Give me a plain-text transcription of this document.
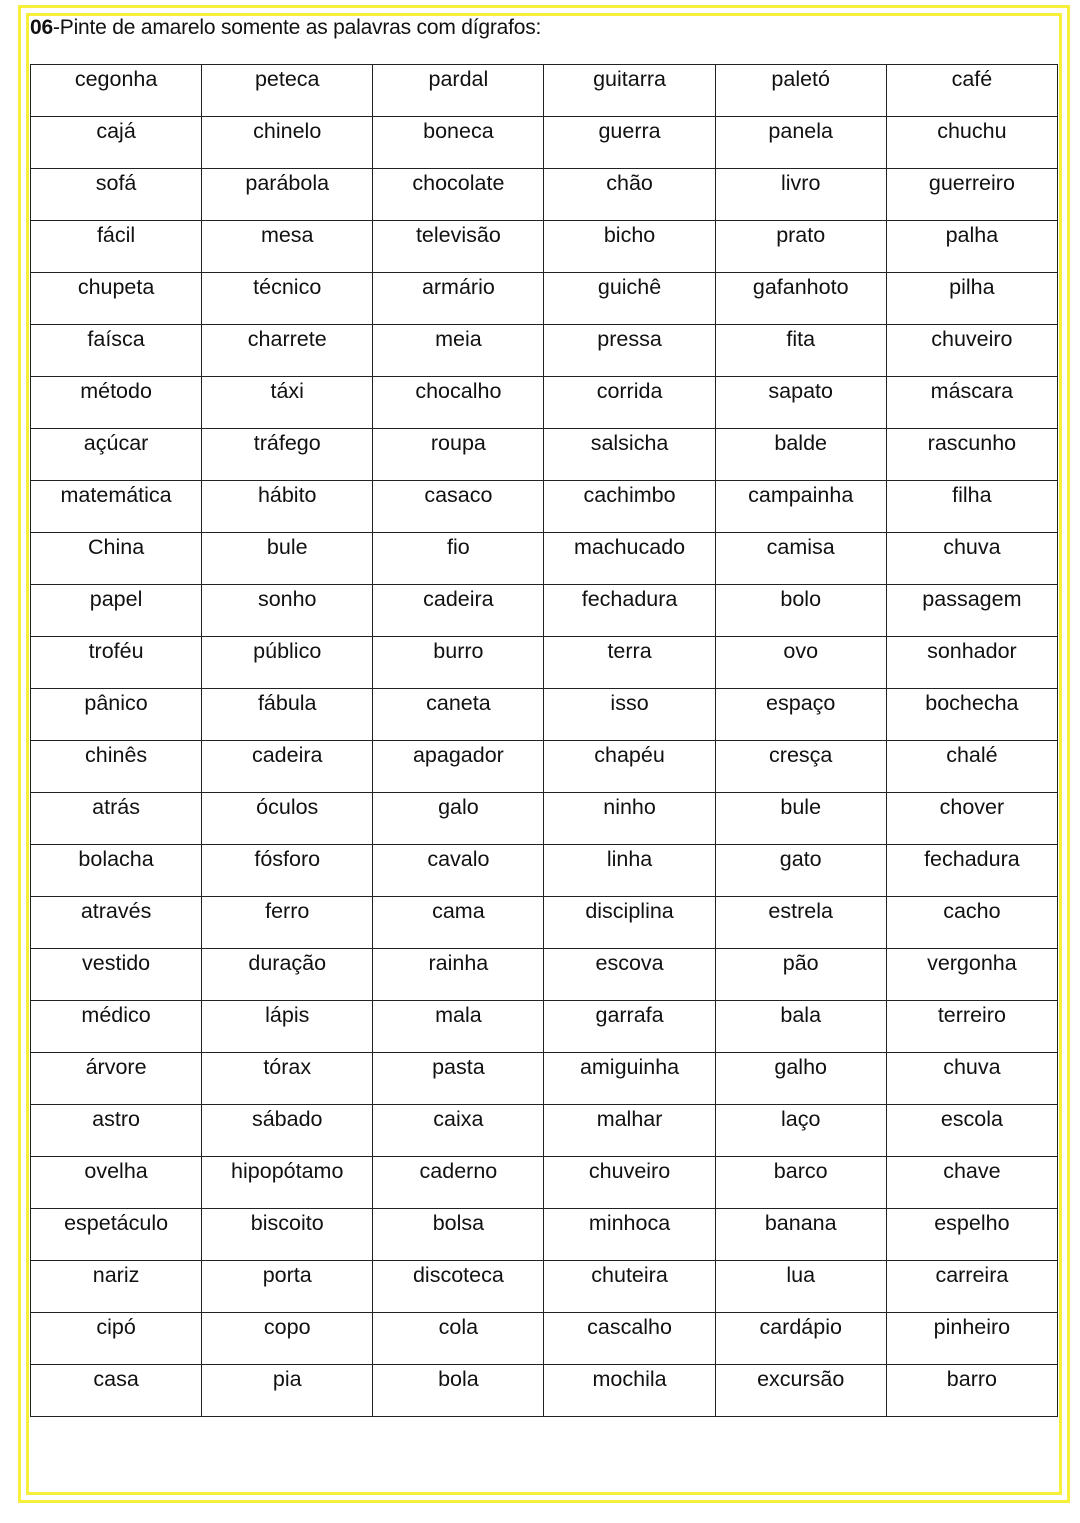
06-Pinte de amarelo somente as palavras com dígrafos:
cegonha	peteca	pardal	guitarra	paletó	café
cajá	chinelo	boneca	guerra	panela	chuchu
sofá	parábola	chocolate	chão	livro	guerreiro
fácil	mesa	televisão	bicho	prato	palha
chupeta	técnico	armário	guichê	gafanhoto	pilha
faísca	charrete	meia	pressa	fita	chuveiro
método	táxi	chocalho	corrida	sapato	máscara
açúcar	tráfego	roupa	salsicha	balde	rascunho
matemática	hábito	casaco	cachimbo	campainha	filha
China	bule	fio	machucado	camisa	chuva
papel	sonho	cadeira	fechadura	bolo	passagem
troféu	público	burro	terra	ovo	sonhador
pânico	fábula	caneta	isso	espaço	bochecha
chinês	cadeira	apagador	chapéu	cresça	chalé
atrás	óculos	galo	ninho	bule	chover
bolacha	fósforo	cavalo	linha	gato	fechadura
através	ferro	cama	disciplina	estrela	cacho
vestido	duração	rainha	escova	pão	vergonha
médico	lápis	mala	garrafa	bala	terreiro
árvore	tórax	pasta	amiguinha	galho	chuva
astro	sábado	caixa	malhar	laço	escola
ovelha	hipopótamo	caderno	chuveiro	barco	chave
espetáculo	biscoito	bolsa	minhoca	banana	espelho
nariz	porta	discoteca	chuteira	lua	carreira
cipó	copo	cola	cascalho	cardápio	pinheiro
casa	pia	bola	mochila	excursão	barro
